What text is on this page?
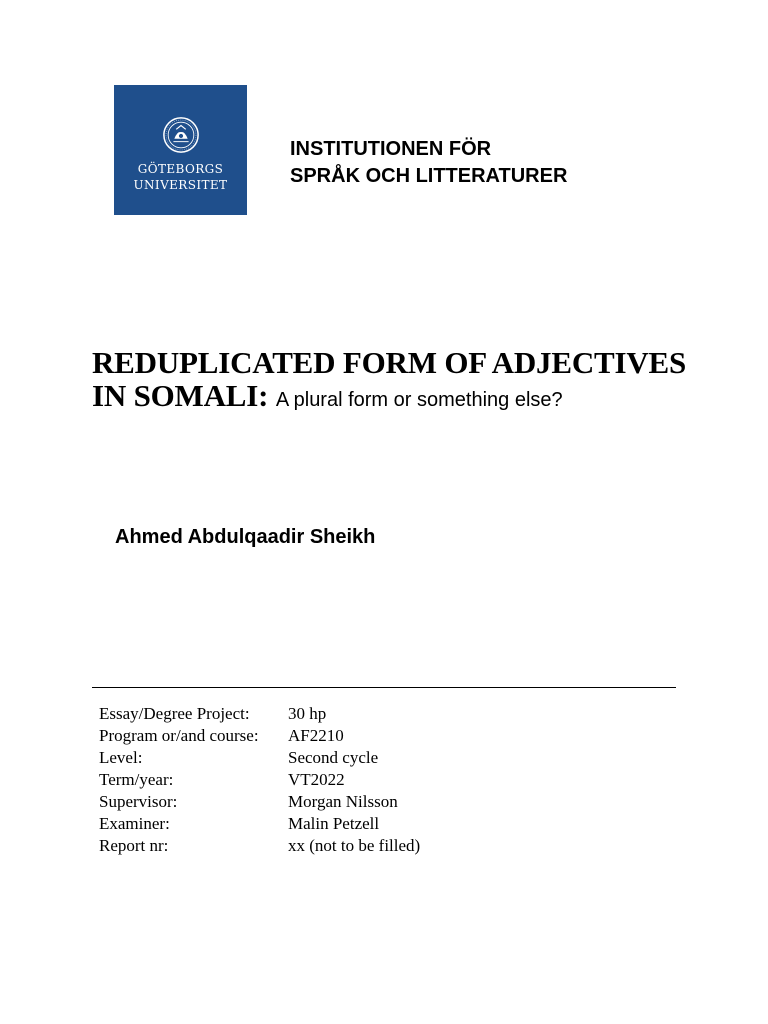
GÖTEBORGS
UNIVERSITET
INSTITUTIONEN FÖR
SPRÅK OCH LITTERATURER
REDUPLICATED FORM OF ADJECTIVES
IN SOMALI: A plural form or something else?

Ahmed Abdulqaadir Sheikh

Essay/Degree Project:	30 hp
Program or/and course:	AF2210
Level:	Second cycle
Term/year:	VT2022
Supervisor:	Morgan Nilsson
Examiner:	Malin Petzell
Report nr:	xx (not to be filled)
